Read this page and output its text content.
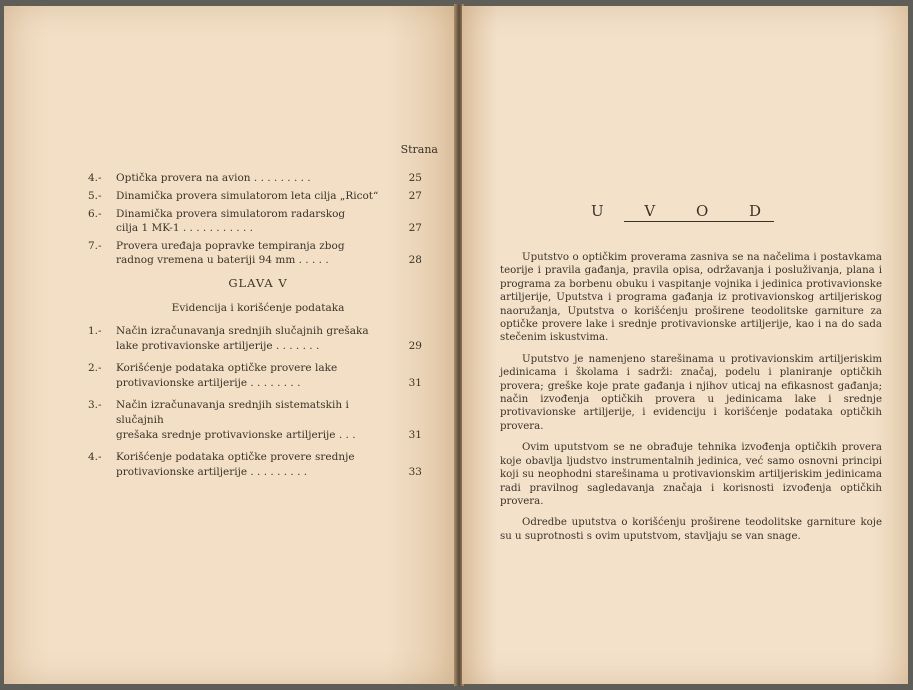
Strana
4.-	Optička provera na avion . . . . . . . . .	25
5.-	Dinamička provera simulatorom leta cilja „Ricot“	27
6.-	Dinamička provera simulatorom radarskog
cilja 1 MK-1 . . . . . . . . . . .	27
7.-	Provera uređaja popravke tempiranja zbog
radnog vremena u bateriji 94 mm . . . . .	28
GLAVA V
Evidencija i korišćenje podataka
1.-	Način izračunavanja srednjih slučajnih grešaka
lake protivavionske artiljerije . . . . . . .	29
2.-	Korišćenje podataka optičke provere lake
protivavionske artiljerije . . . . . . . .	31
3.-	Način izračunavanja srednjih sistematskih i slučajnih
grešaka srednje protivavionske artiljerije . . .	31
4.-	Korišćenje podataka optičke provere srednje
protivavionske artiljerije . . . . . . . . .	33
U V O D

Uputstvo o optičkim proverama zasniva se na načelima i postavkama teorije i pravila gađanja, pravila opisa, održavanja i posluživanja, plana i programa za borbenu obuku i vaspitanje vojnika i jedinica protivavionske artiljerije, Uputstva i programa gađanja iz protivavionskog artiljeriskog naoružanja, Uputstva o korišćenju proširene teodolitske garniture za optičke provere lake i srednje protivavionske artiljerije, kao i na do sada stečenim iskustvima.

Uputstvo je namenjeno starešinama u protivavionskim artiljeriskim jedinicama i školama i sadrži: značaj, podelu i planiranje optičkih provera; greške koje prate gađanja i njihov uticaj na efikasnost gađanja; način izvođenja optičkih provera u jedinicama lake i srednje protivavionske artiljerije, i evidenciju i korišćenje podataka optičkih provera.

Ovim uputstvom se ne obrađuje tehnika izvođenja optičkih provera koje obavlja ljudstvo instrumentalnih jedinica, već samo osnovni principi koji su neophodni starešinama u protivavionskim artiljeriskim jedinicama radi pravilnog sagledavanja značaja i korisnosti izvođenja optičkih provera.

Odredbe uputstva o korišćenju proširene teodolitske garniture koje su u suprotnosti s ovim uputstvom, stavljaju se van snage.
